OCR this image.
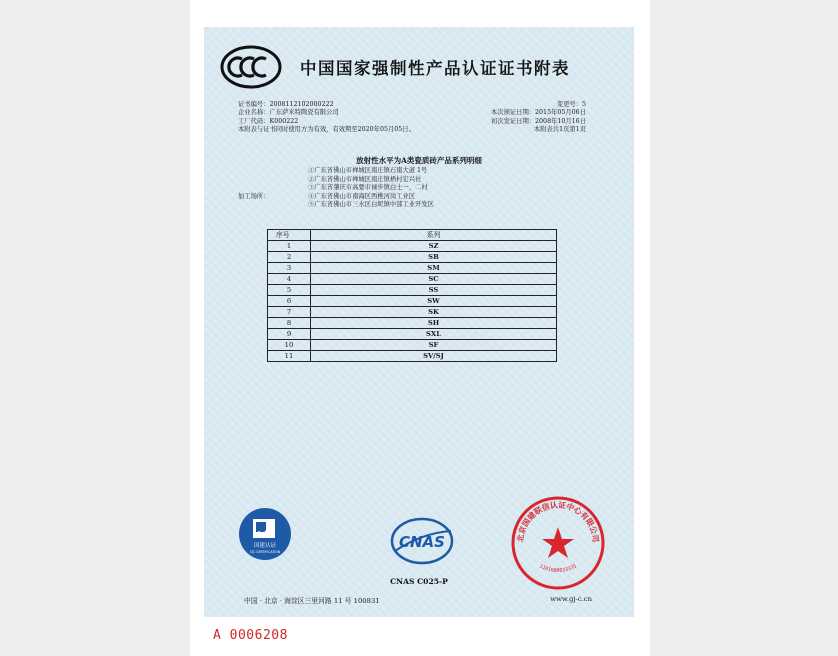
中国国家强制性产品认证证书附表
证书编号：2008112102000222
企业名称：广东萨米特陶瓷有限公司
工厂代码：K000222
本附表与证书同时使用方为有效，有效期至2020年05月05日。
变更号：5
本次颁证日期：2015年05月06日
初次发证日期：2008年10月16日
本附表共1页第1页
放射性水平为A类瓷质砖产品系列明细
①广东省佛山市禅城区南庄镇石南大道 1号
②广东省佛山市禅城区南庄镇梧村宏兴社
③广东省肇庆市高要市禄步镇白土一、二村
加工场所：	④广东省佛山市南海区西樵河岗工业区
⑤广东省佛山市三水区白坭镇中部工业开发区
序号	系列
1	SZ
2	SB
3	SM
4	SC
5	SS
6	SW
7	SK
8	SH
9	SXL
10	SF
11	SV/SJ
国建认证
CJC CERTIFICATION
CNAS
CNAS C025-P
北京国建联信认证中心有限公司
1101080033335
中国 · 北京 · 海淀区三里河路 11 号 100831	www.gj-c.cn
A 0006208
